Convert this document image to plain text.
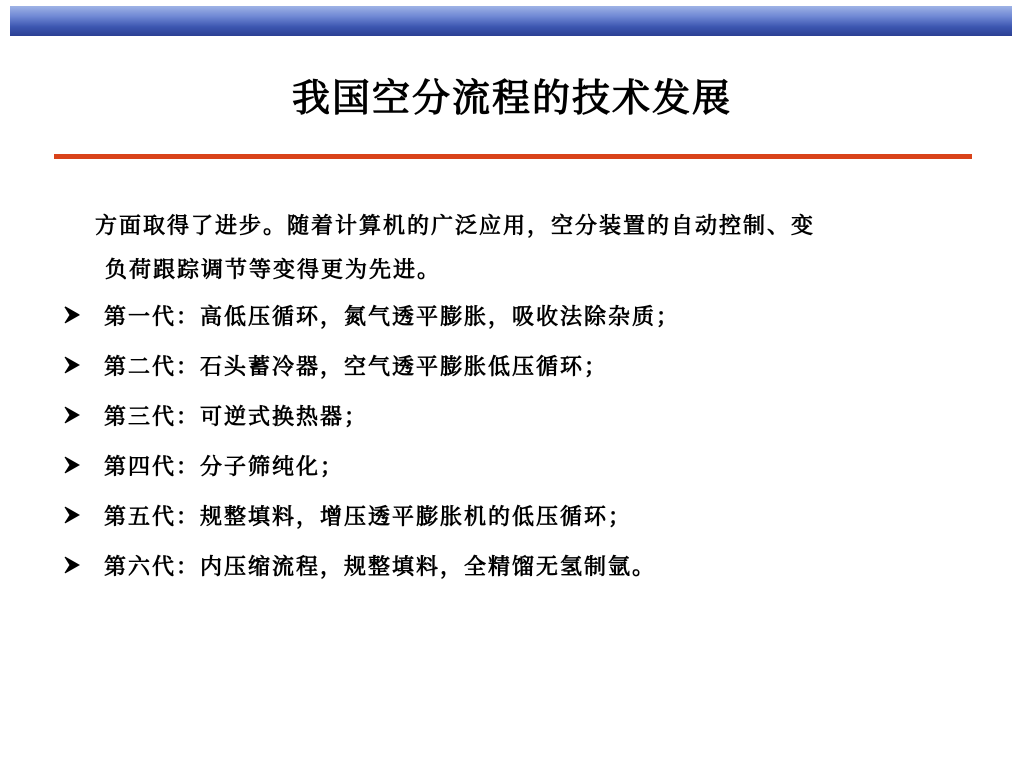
我国空分流程的技术发展
方面取得了进步。随着计算机的广泛应用，空分装置的自动控制、变
负荷跟踪调节等变得更为先进。
第一代：高低压循环，氮气透平膨胀，吸收法除杂质；
第二代：石头蓄冷器，空气透平膨胀低压循环；
第三代：可逆式换热器；
第四代：分子筛纯化；
第五代：规整填料，增压透平膨胀机的低压循环；
第六代：内压缩流程，规整填料，全精馏无氢制氩。
